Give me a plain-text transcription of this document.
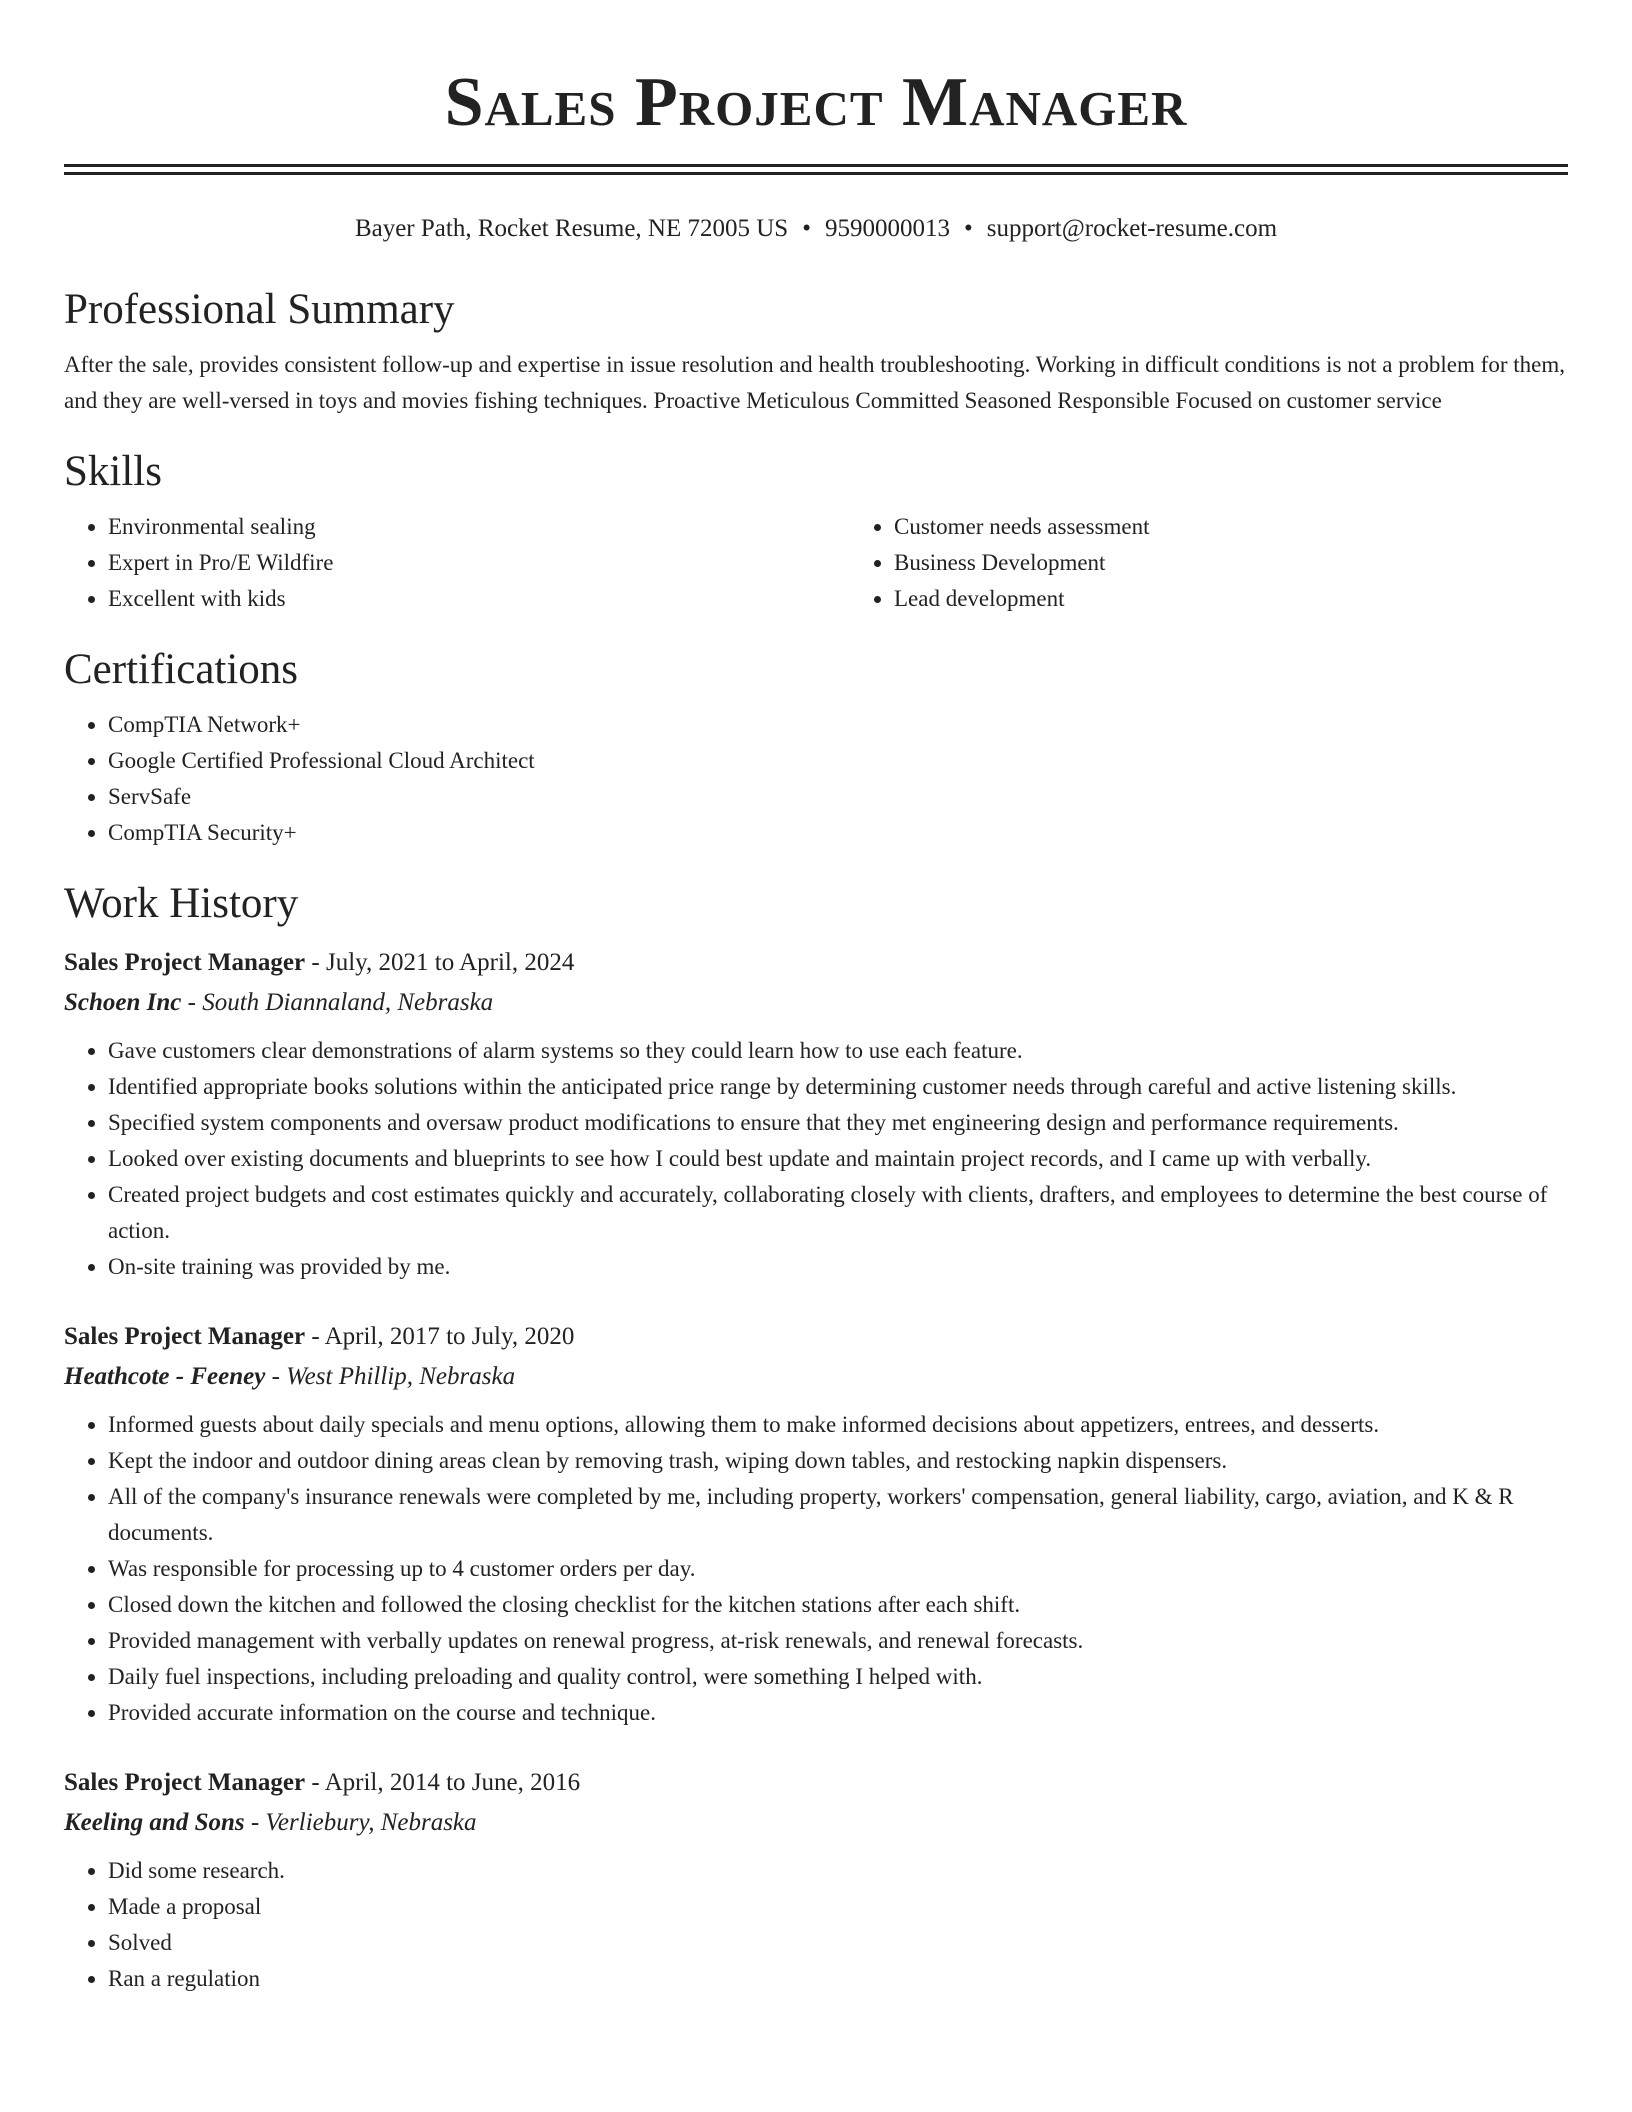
Sales Project Manager
Bayer Path, Rocket Resume, NE 72005 US • 9590000013 • support@rocket-resume.com
Professional Summary

After the sale, provides consistent follow-up and expertise in issue resolution and health troubleshooting. Working in difficult conditions is not a problem for them, and they are well-versed in toys and movies fishing techniques. Proactive Meticulous Committed Seasoned Responsible Focused on customer service

Skills
• Environmental sealing
• Expert in Pro/E Wildfire
• Excellent with kids
• Customer needs assessment
• Business Development
• Lead development
Certifications
• CompTIA Network+
• Google Certified Professional Cloud Architect
• ServSafe
• CompTIA Security+
Work History
Sales Project Manager - July, 2021 to April, 2024
Schoen Inc - South Diannaland, Nebraska
• Gave customers clear demonstrations of alarm systems so they could learn how to use each feature.
• Identified appropriate books solutions within the anticipated price range by determining customer needs through careful and active listening skills.
• Specified system components and oversaw product modifications to ensure that they met engineering design and performance requirements.
• Looked over existing documents and blueprints to see how I could best update and maintain project records, and I came up with verbally.
• Created project budgets and cost estimates quickly and accurately, collaborating closely with clients, drafters, and employees to determine the best course of action.
• On-site training was provided by me.
Sales Project Manager - April, 2017 to July, 2020
Heathcote - Feeney - West Phillip, Nebraska
• Informed guests about daily specials and menu options, allowing them to make informed decisions about appetizers, entrees, and desserts.
• Kept the indoor and outdoor dining areas clean by removing trash, wiping down tables, and restocking napkin dispensers.
• All of the company's insurance renewals were completed by me, including property, workers' compensation, general liability, cargo, aviation, and K & R documents.
• Was responsible for processing up to 4 customer orders per day.
• Closed down the kitchen and followed the closing checklist for the kitchen stations after each shift.
• Provided management with verbally updates on renewal progress, at-risk renewals, and renewal forecasts.
• Daily fuel inspections, including preloading and quality control, were something I helped with.
• Provided accurate information on the course and technique.
Sales Project Manager - April, 2014 to June, 2016
Keeling and Sons - Verliebury, Nebraska
• Did some research.
• Made a proposal
• Solved
• Ran a regulation
